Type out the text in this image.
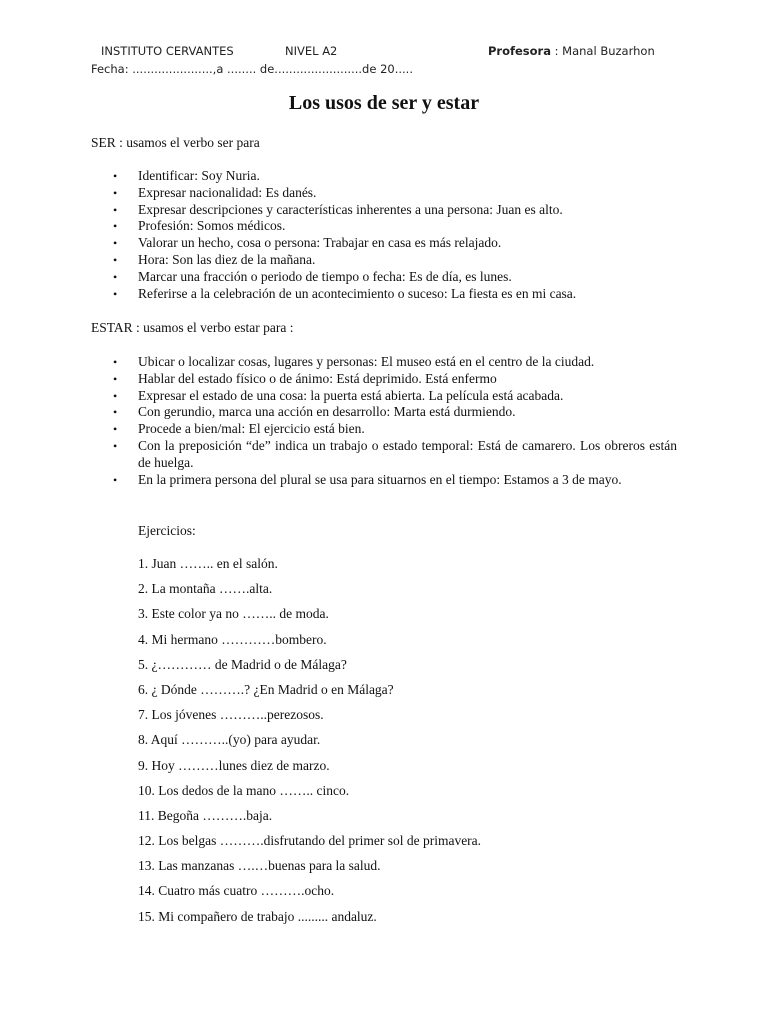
INSTITUTO CERVANTES	NIVEL A2	Profesora : Manal Buzarhon
Fecha: ......................,a ........ de........................de 20.....
Los usos de ser y estar
SER : usamos el verbo ser para
• Identificar: Soy Nuria.
• Expresar nacionalidad: Es danés.
• Expresar descripciones y características inherentes a una persona: Juan es alto.
• Profesión: Somos médicos.
• Valorar un hecho, cosa o persona: Trabajar en casa es más relajado.
• Hora: Son las diez de la mañana.
• Marcar una fracción o periodo de tiempo o fecha: Es de día, es lunes.
• Referirse a la celebración de un acontecimiento o suceso: La fiesta es en mi casa.
ESTAR : usamos el verbo estar para :
• Ubicar o localizar cosas, lugares y personas: El museo está en el centro de la ciudad.
• Hablar del estado físico o de ánimo: Está deprimido. Está enfermo
• Expresar el estado de una cosa: la puerta está abierta. La película está acabada.
• Con gerundio, marca una acción en desarrollo: Marta está durmiendo.
• Procede a bien/mal: El ejercicio está bien.
• Con la preposición “de” indica un trabajo o estado temporal: Está de camarero. Los obreros están de huelga.
• En la primera persona del plural se usa para situarnos en el tiempo: Estamos a 3 de mayo.
Ejercicios:
1. Juan …….. en el salón.
2. La montaña …….alta.
3. Este color ya no …….. de moda.
4. Mi hermano …………bombero.
5. ¿………… de Madrid o de Málaga?
6. ¿ Dónde ……….? ¿En Madrid o en Málaga?
7. Los jóvenes ………..perezosos.
8. Aquí ………..(yo) para ayudar.
9. Hoy ………lunes diez de marzo.
10. Los dedos de la mano …….. cinco.
11. Begoña ……….baja.
12. Los belgas ……….disfrutando del primer sol de primavera.
13. Las manzanas ….…buenas para la salud.
14. Cuatro más cuatro ……….ocho.
15. Mi compañero de trabajo ......... andaluz.
